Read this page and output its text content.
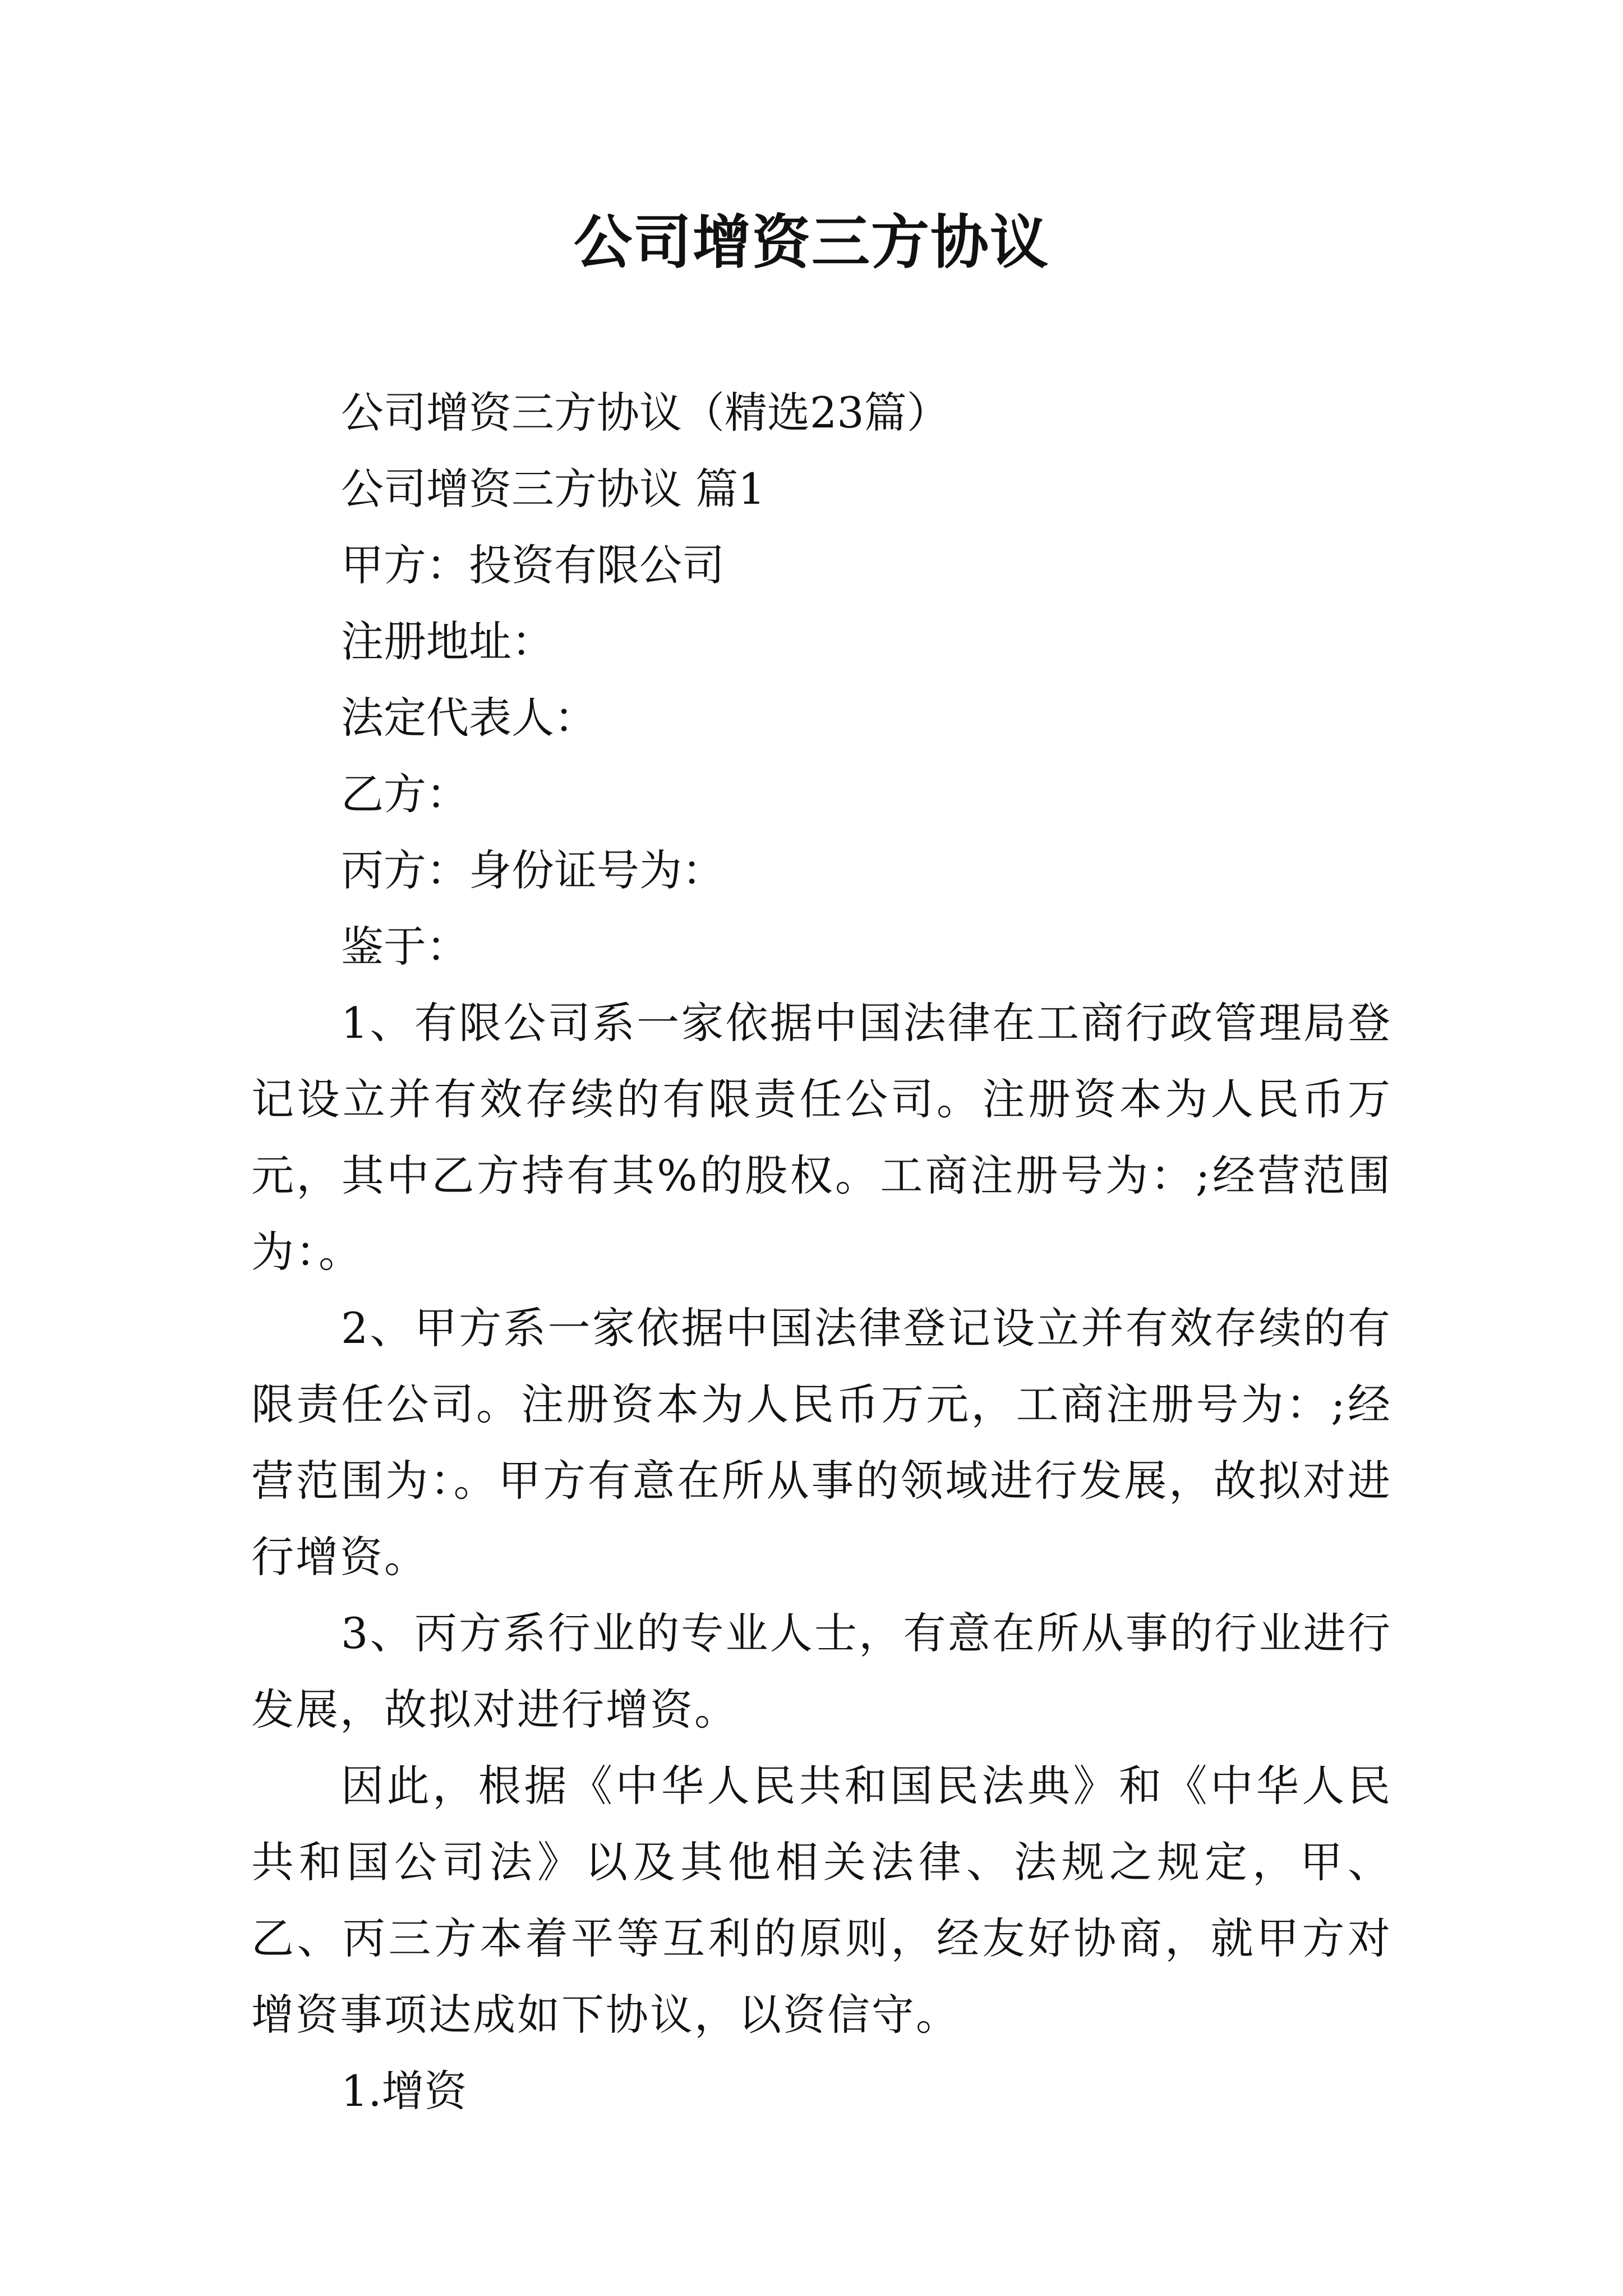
公司增资三方协议

公司增资三方协议（精选23篇）

公司增资三方协议 篇1

甲方：投资有限公司

注册地址：

法定代表人：

乙方：

丙方：身份证号为：

鉴于：

1、有限公司系一家依据中国法律在工商行政管理局登记设立并有效存续的有限责任公司。注册资本为人民币万元，其中乙方持有其%的股权。工商注册号为：;经营范围为：。

2、甲方系一家依据中国法律登记设立并有效存续的有限责任公司。注册资本为人民币万元，工商注册号为：;经营范围为：。甲方有意在所从事的领域进行发展，故拟对进行增资。

3、丙方系行业的专业人士，有意在所从事的行业进行发展，故拟对进行增资。

因此，根据《中华人民共和国民法典》和《中华人民共和国公司法》以及其他相关法律、法规之规定，甲、乙、丙三方本着平等互利的原则，经友好协商，就甲方对增资事项达成如下协议，以资信守。

1.增资
